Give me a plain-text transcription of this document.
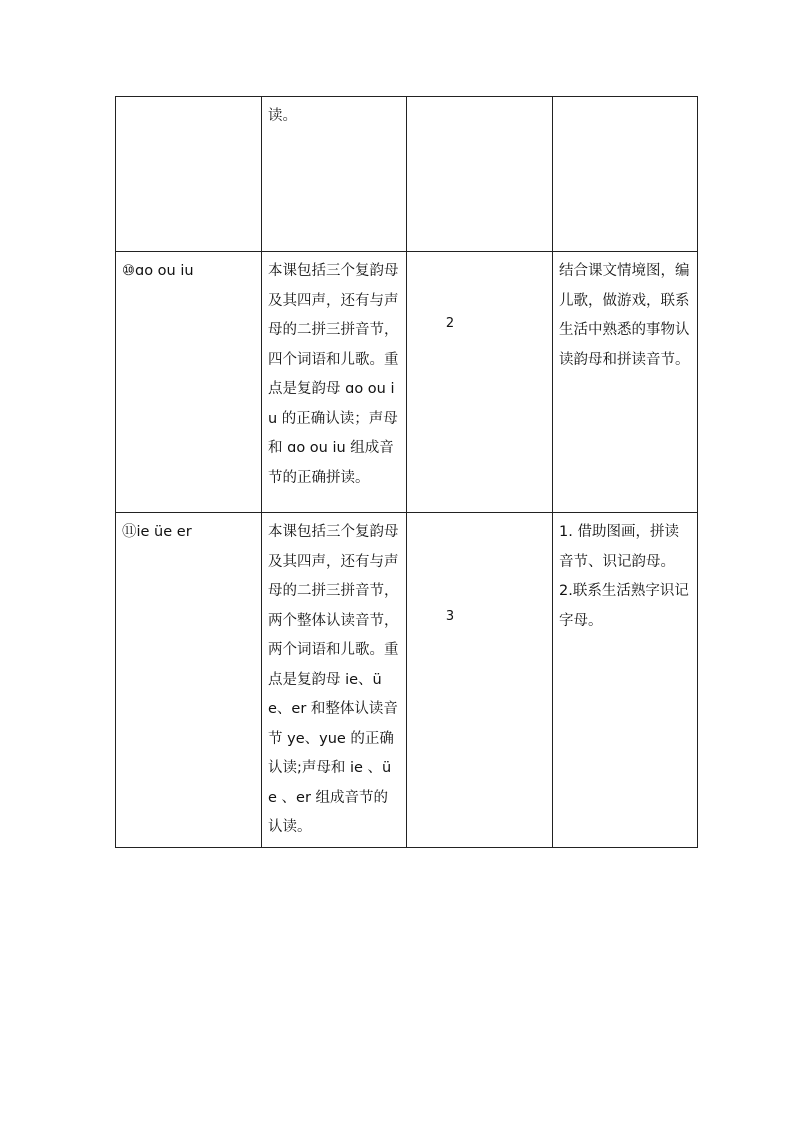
	读。		

⑩ɑo ou iu	本课包括三个复韵母及其四声，还有与声母的二拼三拼音节，四个词语和儿歌。重点是复韵母 ɑo ou iu 的正确认读；声母和 ɑo ou iu 组成音节的正确拼读。	2	结合课文情境图，编儿歌，做游戏，联系生活中熟悉的事物认读韵母和拼读音节。

⑪ie üe er	本课包括三个复韵母及其四声，还有与声母的二拼三拼音节，两个整体认读音节，两个词语和儿歌。重点是复韵母 ie、üe、er 和整体认读音节 ye、yue 的正确认读;声母和 ie 、üe 、er 组成音节的认读。	3	1. 借助图画，拼读音节、识记韵母。
2.联系生活熟字识记字母。
